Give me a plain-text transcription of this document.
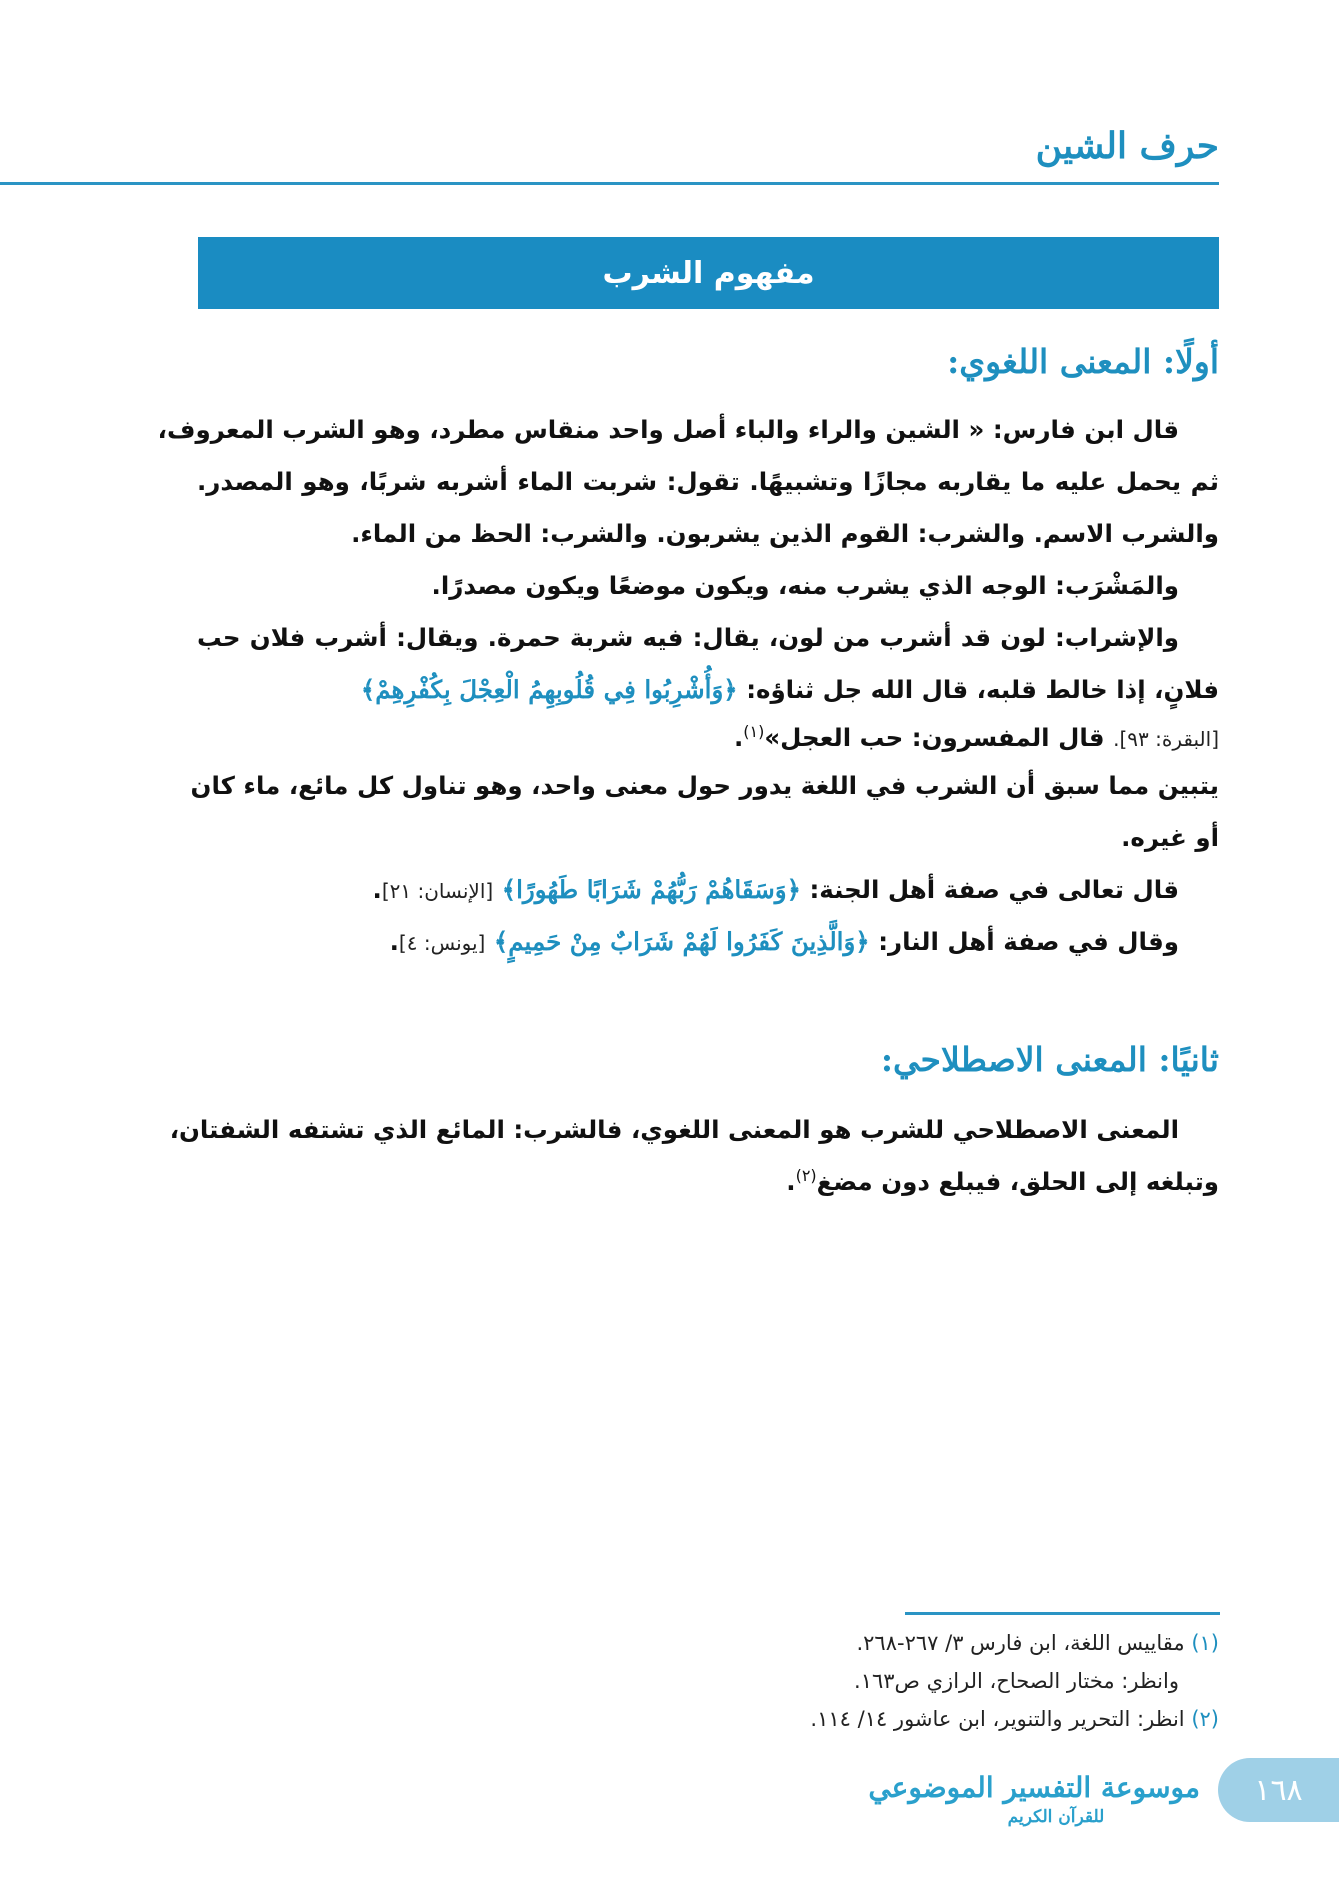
حرف الشين
مفهوم الشرب
أولًا: المعنى اللغوي:
قال ابن فارس: « الشين والراء والباء أصل واحد منقاس مطرد، وهو الشرب المعروف،
ثم يحمل عليه ما يقاربه مجازًا وتشبيهًا. تقول: شربت الماء أشربه شربًا، وهو المصدر.
والشرب الاسم. والشرب: القوم الذين يشربون. والشرب: الحظ من الماء.
والمَشْرَب: الوجه الذي يشرب منه، ويكون موضعًا ويكون مصدرًا.
والإشراب: لون قد أشرب من لون، يقال: فيه شربة حمرة. ويقال: أشرب فلان حب
فلانٍ، إذا خالط قلبه، قال الله جل ثناؤه: ﴿وَأُشْرِبُوا فِي قُلُوبِهِمُ الْعِجْلَ بِكُفْرِهِمْ﴾
[البقرة: ٩٣]. قال المفسرون: حب العجل»$^{(١)}$.
يتبين مما سبق أن الشرب في اللغة يدور حول معنى واحد، وهو تناول كل مائع، ماء كان
أو غيره.
قال تعالى في صفة أهل الجنة: ﴿وَسَقَاهُمْ رَبُّهُمْ شَرَابًا طَهُورًا﴾ [الإنسان: ٢١].
وقال في صفة أهل النار: ﴿وَالَّذِينَ كَفَرُوا لَهُمْ شَرَابٌ مِنْ حَمِيمٍ﴾ [يونس: ٤].
ثانيًا: المعنى الاصطلاحي:
المعنى الاصطلاحي للشرب هو المعنى اللغوي، فالشرب: المائع الذي تشتفه الشفتان،
وتبلغه إلى الحلق، فيبلع دون مضغ$^{(٢)}$.
(١) مقاييس اللغة، ابن فارس ٣/ ٢٦٧-٢٦٨.
وانظر: مختار الصحاح، الرازي ص١٦٣.
(٢) انظر: التحرير والتنوير، ابن عاشور ١٤/ ١١٤.
موسوعة التفسير الموضوعي
للقرآن الكريم
١٦٨
